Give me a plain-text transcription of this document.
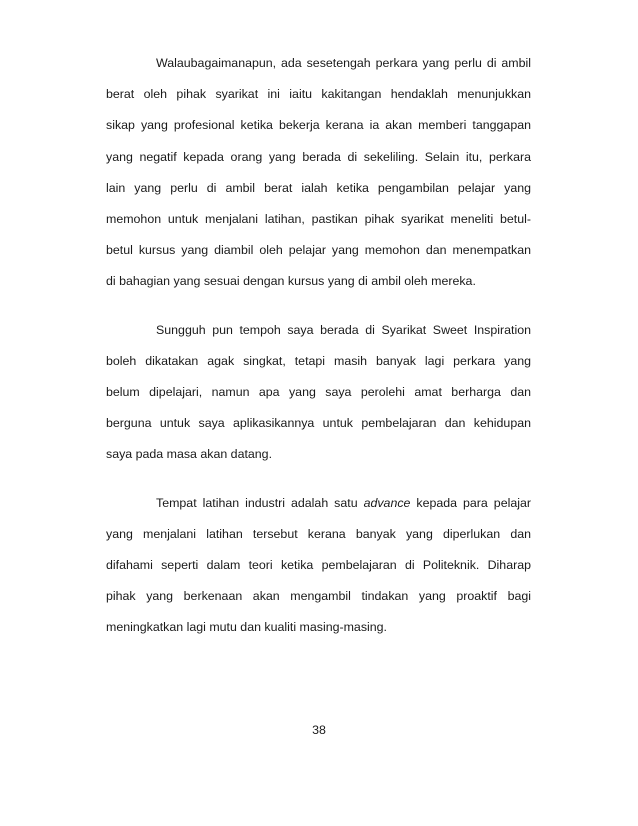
Walaubagaimanapun, ada sesetengah perkara yang perlu di ambil
berat oleh pihak syarikat ini iaitu kakitangan hendaklah menunjukkan
sikap yang profesional ketika bekerja kerana ia akan memberi tanggapan
yang negatif kepada orang yang berada di sekeliling. Selain itu, perkara
lain yang perlu di ambil berat ialah ketika pengambilan pelajar yang
memohon untuk menjalani latihan, pastikan pihak syarikat meneliti betul-
betul kursus yang diambil oleh pelajar yang memohon dan menempatkan
di bahagian yang sesuai dengan kursus yang di ambil oleh mereka.

Sungguh pun tempoh saya berada di Syarikat Sweet Inspiration
boleh dikatakan agak singkat, tetapi masih banyak lagi perkara yang
belum dipelajari, namun apa yang saya perolehi amat berharga dan
berguna untuk saya aplikasikannya untuk pembelajaran dan kehidupan
saya pada masa akan datang.

Tempat latihan industri adalah satu advance kepada para pelajar
yang menjalani latihan tersebut kerana banyak yang diperlukan dan
difahami seperti dalam teori ketika pembelajaran di Politeknik. Diharap
pihak yang berkenaan akan mengambil tindakan yang proaktif bagi
meningkatkan lagi mutu dan kualiti masing-masing.

38
